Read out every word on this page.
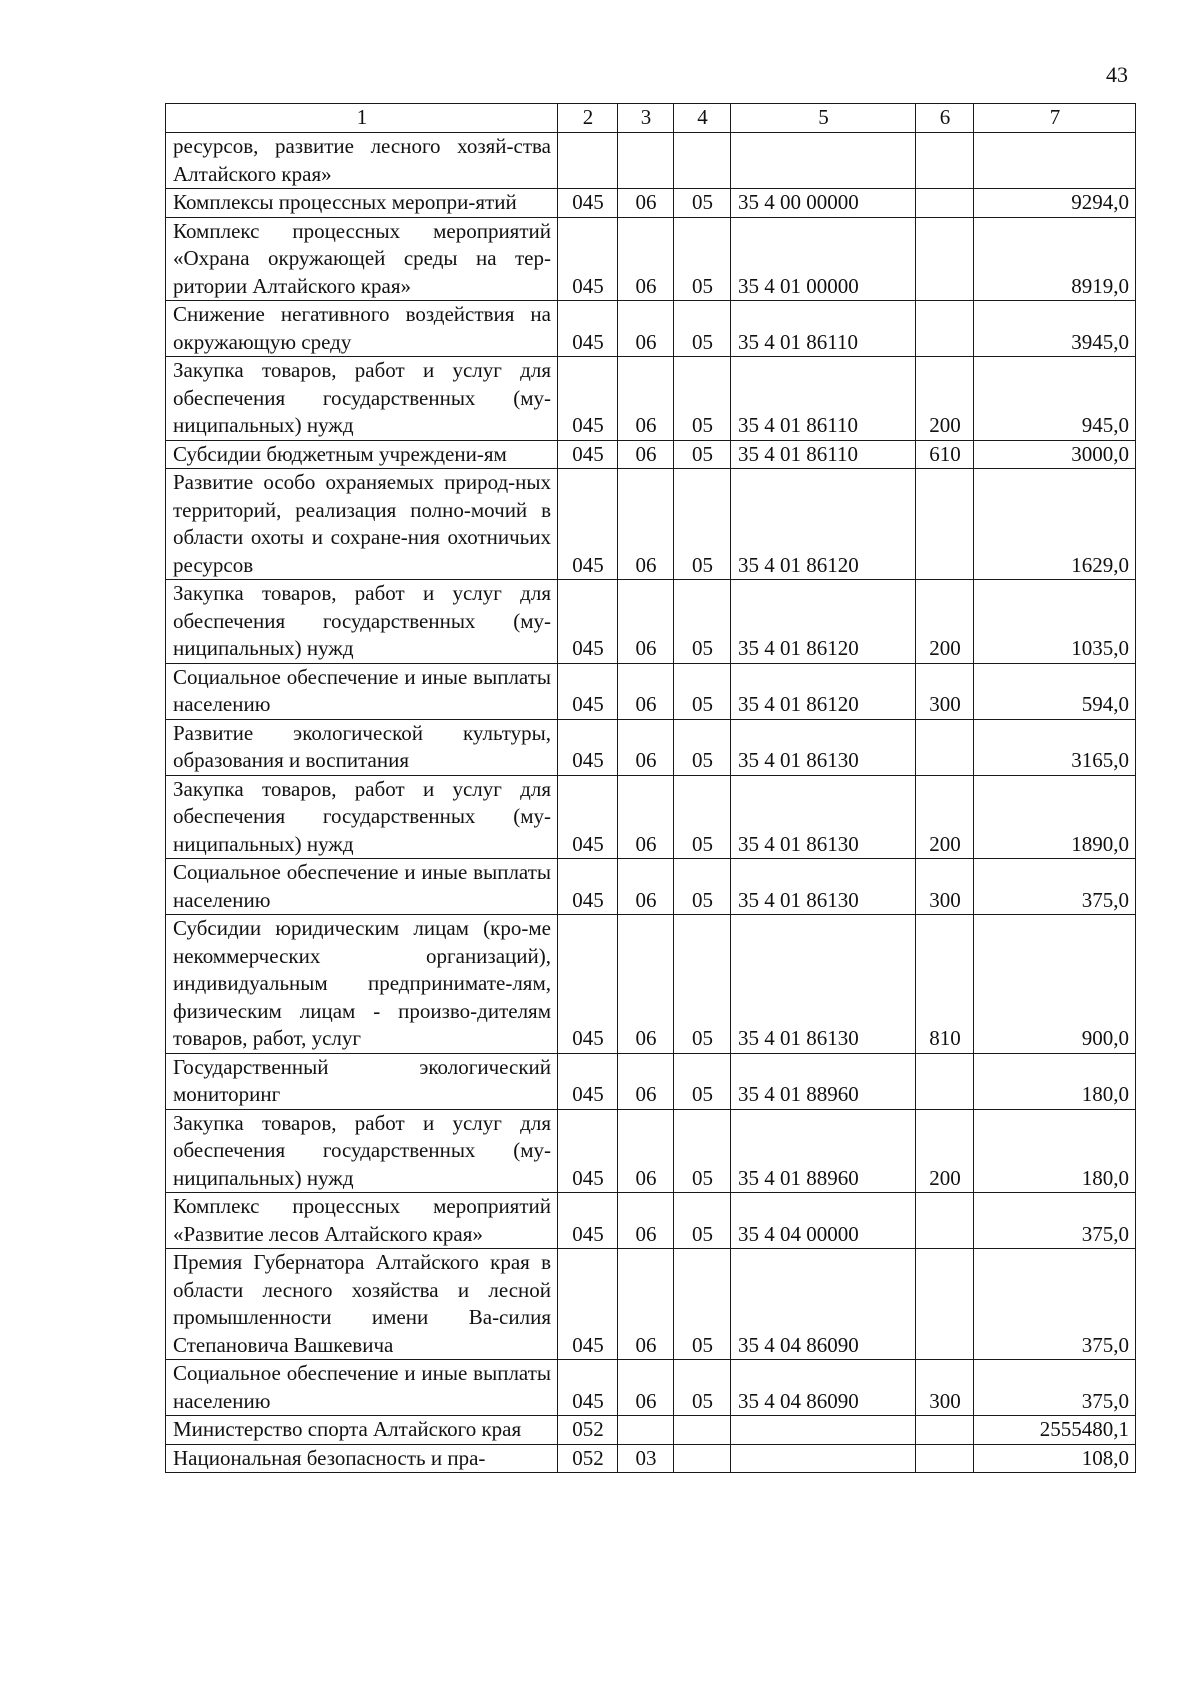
43
1	2	3	4	5	6	7
ресурсов, развитие лесного хозяй-ства Алтайского края»						
Комплексы процессных меропри-ятий	045	06	05	35 4 00 00000		9294,0
Комплекс процессных мероприятий «Охрана окружающей среды на тер-ритории Алтайского края»	045	06	05	35 4 01 00000		8919,0
Снижение негативного воздействия на окружающую среду	045	06	05	35 4 01 86110		3945,0
Закупка товаров, работ и услуг для обеспечения государственных (му-ниципальных) нужд	045	06	05	35 4 01 86110	200	945,0
Субсидии бюджетным учреждени-ям	045	06	05	35 4 01 86110	610	3000,0
Развитие особо охраняемых природ-ных территорий, реализация полно-мочий в области охоты и сохране-ния охотничьих ресурсов	045	06	05	35 4 01 86120		1629,0
Закупка товаров, работ и услуг для обеспечения государственных (му-ниципальных) нужд	045	06	05	35 4 01 86120	200	1035,0
Социальное обеспечение и иные выплаты населению	045	06	05	35 4 01 86120	300	594,0
Развитие экологической культуры, образования и воспитания	045	06	05	35 4 01 86130		3165,0
Закупка товаров, работ и услуг для обеспечения государственных (му-ниципальных) нужд	045	06	05	35 4 01 86130	200	1890,0
Социальное обеспечение и иные выплаты населению	045	06	05	35 4 01 86130	300	375,0
Субсидии юридическим лицам (кро-ме некоммерческих организаций), индивидуальным предпринимате-лям, физическим лицам - произво-дителям товаров, работ, услуг	045	06	05	35 4 01 86130	810	900,0
Государственный экологический мониторинг	045	06	05	35 4 01 88960		180,0
Закупка товаров, работ и услуг для обеспечения государственных (му-ниципальных) нужд	045	06	05	35 4 01 88960	200	180,0
Комплекс процессных мероприятий «Развитие лесов Алтайского края»	045	06	05	35 4 04 00000		375,0
Премия Губернатора Алтайского края в области лесного хозяйства и лесной промышленности имени Ва-силия Степановича Вашкевича	045	06	05	35 4 04 86090		375,0
Социальное обеспечение и иные выплаты населению	045	06	05	35 4 04 86090	300	375,0
Министерство спорта Алтайского края	052					2555480,1
Национальная безопасность и пра-	052	03				108,0
